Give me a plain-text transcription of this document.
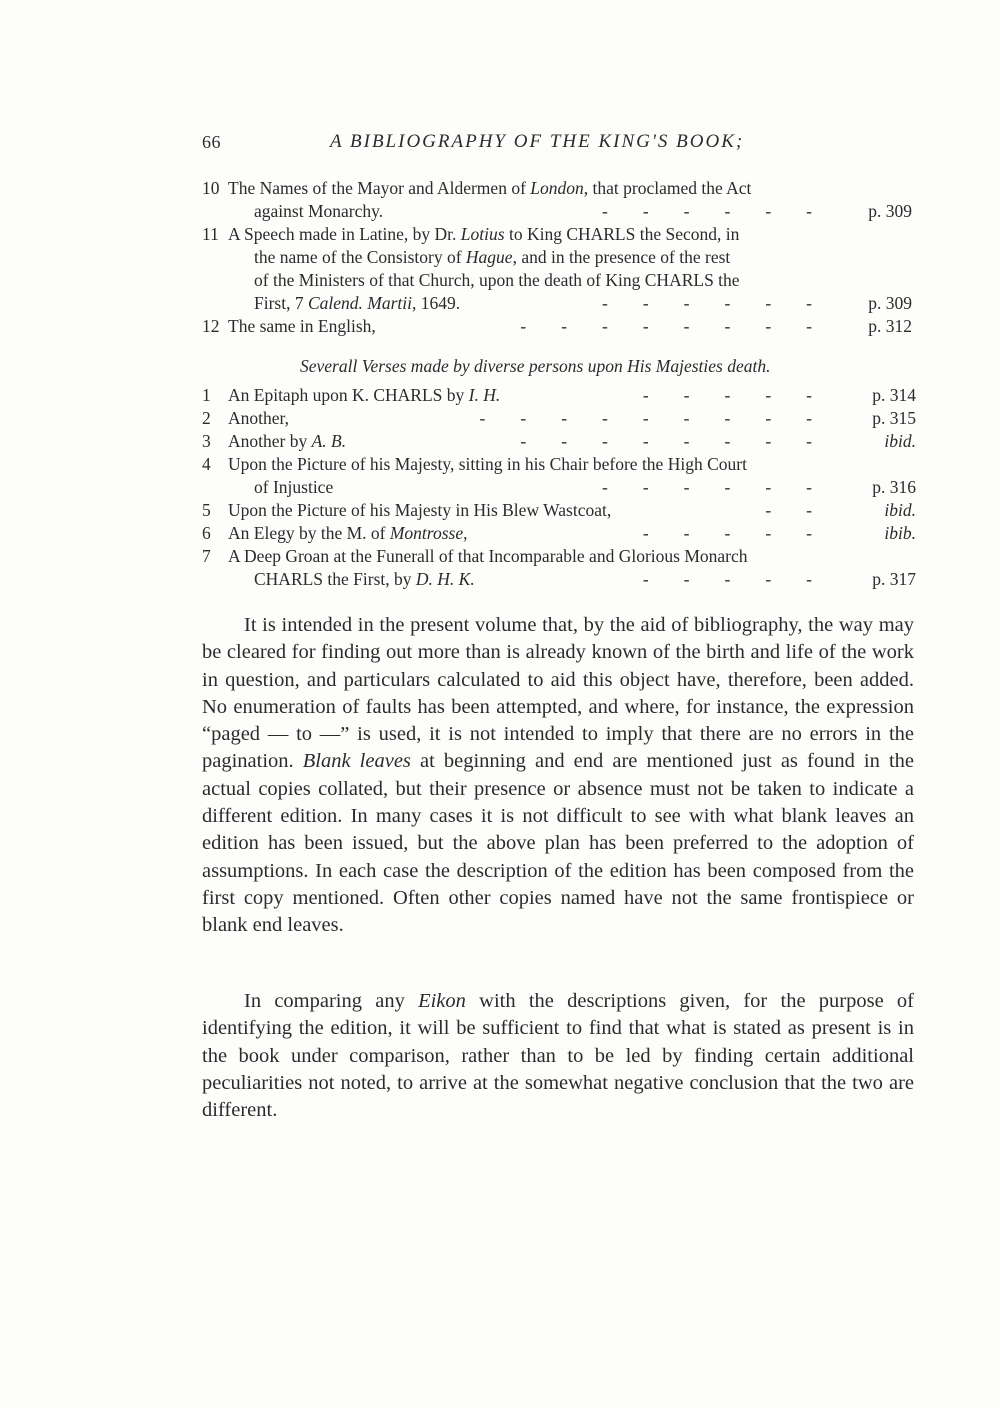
66	A BIBLIOGRAPHY OF THE KING'S BOOK;
10 The Names of the Mayor and Aldermen of London, that proclamed the Act
against Monarchy.	-        -        -        -        -        -	p. 309
11 A Speech made in Latine, by Dr. Lotius to King CHARLS the Second, in
the name of the Consistory of Hague, and in the presence of the rest
of the Ministers of that Church, upon the death of King CHARLS the
First, 7 Calend. Martii, 1649.	-        -        -        -        -        -	p. 309
12 The same in English,	-        -        -        -        -        -        -        -	p. 312
Severall Verses made by diverse persons upon His Majesties death.
1 An Epitaph upon K. CHARLS by I. H.	-        -        -        -        -	p. 314
2 Another,	-        -        -        -        -        -        -        -        -	p. 315
3 Another by A. B.	-        -        -        -        -        -        -        -	ibid.
4 Upon the Picture of his Majesty, sitting in his Chair before the High Court
of Injustice	-        -        -        -        -        -	p. 316
5 Upon the Picture of his Majesty in His Blew Wastcoat,	-        -	ibid.
6 An Elegy by the M. of Montrosse,	-        -        -        -        -	ibib.
7 A Deep Groan at the Funerall of that Incomparable and Glorious Monarch
CHARLS the First, by D. H. K.	-        -        -        -        -	p. 317

It is intended in the present volume that, by the aid of bibliography, the way may be cleared for finding out more than is already known of the birth and life of the work in question, and particulars calculated to aid this object have, therefore, been added. No enumeration of faults has been attempted, and where, for instance, the expression “paged — to —” is used, it is not intended to imply that there are no errors in the pagination. Blank leaves at beginning and end are mentioned just as found in the actual copies collated, but their presence or absence must not be taken to indicate a different edition. In many cases it is not difficult to see with what blank leaves an edition has been issued, but the above plan has been preferred to the adoption of assumptions. In each case the description of the edition has been composed from the first copy mentioned. Often other copies named have not the same frontispiece or blank end leaves.

In comparing any Eikon with the descriptions given, for the purpose of identifying the edition, it will be sufficient to find that what is stated as present is in the book under comparison, rather than to be led by finding certain additional peculiarities not noted, to arrive at the somewhat negative conclusion that the two are different.
